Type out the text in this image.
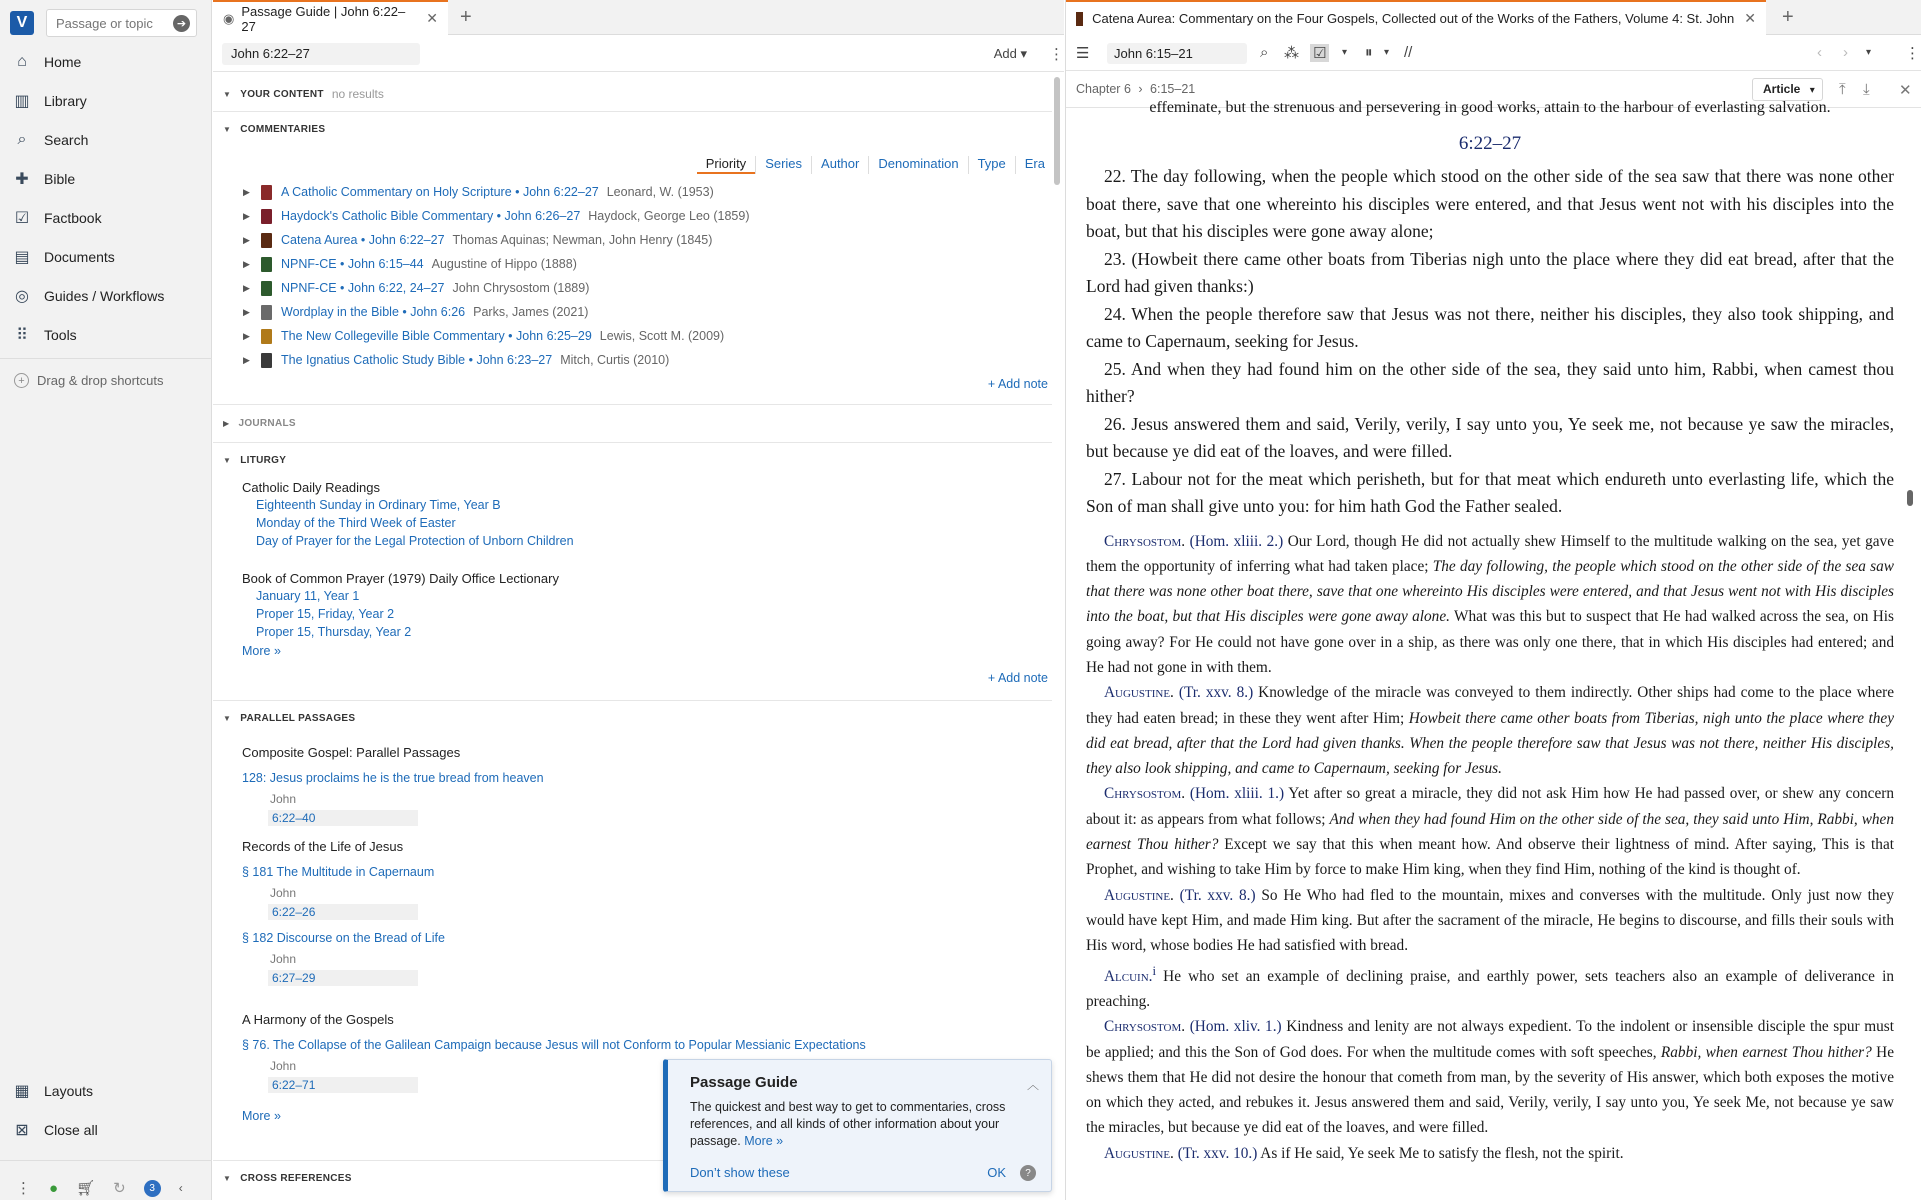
V
Passage or topic	➔
⌂	Home
▥ Library
⌕	Search
✚ Bible
☑ Factbook
▤ Documents
◎ Guides / Workflows
⠿ Tools
+ Drag & drop shortcuts
▦ Layouts
⊠ Close all
⋮ ● 🛒︎ ↻	3	‹
◉ Passage Guide | John 6:22–27	✕ +
John 6:22–27	Add ▾ ⋮
▼ YOUR CONTENT no results
▼ COMMENTARIES
Priority	Series	Author	Denomination	Type	Era
▶	A Catholic Commentary on Holy Scripture • John 6:22–27 Leonard, W. (1953)
▶	Haydock's Catholic Bible Commentary • John 6:26–27 Haydock, George Leo (1859)
▶	Catena Aurea • John 6:22–27 Thomas Aquinas; Newman, John Henry (1845)
▶	NPNF-CE • John 6:15–44 Augustine of Hippo (1888)
▶	NPNF-CE • John 6:22, 24–27 John Chrysostom (1889)
▶	Wordplay in the Bible • John 6:26 Parks, James (2021)
▶	The New Collegeville Bible Commentary • John 6:25–29 Lewis, Scott M. (2009)
▶	The Ignatius Catholic Study Bible • John 6:23–27 Mitch, Curtis (2010)
+ Add note
▶ JOURNALS
▼ LITURGY
Catholic Daily Readings
Eighteenth Sunday in Ordinary Time, Year B
Monday of the Third Week of Easter
Day of Prayer for the Legal Protection of Unborn Children
Book of Common Prayer (1979) Daily Office Lectionary
January 11, Year 1
Proper 15, Friday, Year 2
Proper 15, Thursday, Year 2
More »
+ Add note
▼ PARALLEL PASSAGES
Composite Gospel: Parallel Passages
128: Jesus proclaims he is the true bread from heaven
John
6:22–40
Records of the Life of Jesus
§ 181 The Multitude in Capernaum
John
6:22–26
§ 182 Discourse on the Bread of Life
John
6:27–29
A Harmony of the Gospels
§ 76. The Collapse of the Galilean Campaign because Jesus will not Conform to Popular Messianic Expectations
John
6:22–71
More »
▼ CROSS REFERENCES
Passage Guide	︿
The quickest and best way to get to commentaries, cross references, and all kinds of other information about your passage. More »
Don’t show these	OK	?
Catena Aurea: Commentary on the Four Gospels, Collected out of the Works of the Fathers, Volume 4: St. John ✕ +
☰	John 6:15–21	⌕ ⁂ ☑	▾ ⏸ ▾ //	‹ › ▾ ⋮
Chapter 6 › 6:15–21	Article ▾	⤒ ⤓ ✕

effeminate, but the strenuous and persevering in good works, attain to the harbour of everlasting salvation.

6:22–27

22. The day following, when the people which stood on the other side of the sea saw that there was none other boat there, save that one whereinto his disciples were entered, and that Jesus went not with his disciples into the boat, but that his disciples were gone away alone;

23. (Howbeit there came other boats from Tiberias nigh unto the place where they did eat bread, after that the Lord had given thanks:)

24. When the people therefore saw that Jesus was not there, neither his disciples, they also took shipping, and came to Capernaum, seeking for Jesus.

25. And when they had found him on the other side of the sea, they said unto him, Rabbi, when camest thou hither?

26. Jesus answered them and said, Verily, verily, I say unto you, Ye seek me, not because ye saw the miracles, but because ye did eat of the loaves, and were filled.

27. Labour not for the meat which perisheth, but for that meat which endureth unto everlasting life, which the Son of man shall give unto you: for him hath God the Father sealed.

Chrysostom. (Hom. xliii. 2.) Our Lord, though He did not actually shew Himself to the multitude walking on the sea, yet gave them the opportunity of inferring what had taken place; The day following, the people which stood on the other side of the sea saw that there was none other boat there, save that one whereinto His disciples were entered, and that Jesus went not with His disciples into the boat, but that His disciples were gone away alone. What was this but to suspect that He had walked across the sea, on His going away? For He could not have gone over in a ship, as there was only one there, that in which His disciples had entered; and He had not gone in with them.

Augustine. (Tr. xxv. 8.) Knowledge of the miracle was conveyed to them indirectly. Other ships had come to the place where they had eaten bread; in these they went after Him; Howbeit there came other boats from Tiberias, nigh unto the place where they did eat bread, after that the Lord had given thanks. When the people therefore saw that Jesus was not there, neither His disciples, they also look shipping, and came to Capernaum, seeking for Jesus.

Chrysostom. (Hom. xliii. 1.) Yet after so great a miracle, they did not ask Him how He had passed over, or shew any concern about it: as appears from what follows; And when they had found Him on the other side of the sea, they said unto Him, Rabbi, when earnest Thou hither? Except we say that this when meant how. And observe their lightness of mind. After saying, This is that Prophet, and wishing to take Him by force to make Him king, when they find Him, nothing of the kind is thought of.

Augustine. (Tr. xxv. 8.) So He Who had fled to the mountain, mixes and converses with the multitude. Only just now they would have kept Him, and made Him king. But after the sacrament of the miracle, He begins to discourse, and fills their souls with His word, whose bodies He had satisfied with bread.

Alcuin.$^i$ He who set an example of declining praise, and earthly power, sets teachers also an example of deliverance in preaching.

Chrysostom. (Hom. xliv. 1.) Kindness and lenity are not always expedient. To the indolent or insensible disciple the spur must be applied; and this the Son of God does. For when the multitude comes with soft speeches, Rabbi, when earnest Thou hither? He shews them that He did not desire the honour that cometh from man, by the severity of His answer, which both exposes the motive on which they acted, and rebukes it. Jesus answered them and said, Verily, verily, I say unto you, Ye seek Me, not because ye saw the miracles, but because ye did eat of the loaves, and were filled.

Augustine. (Tr. xxv. 10.) As if He said, Ye seek Me to satisfy the flesh, not the spirit.
